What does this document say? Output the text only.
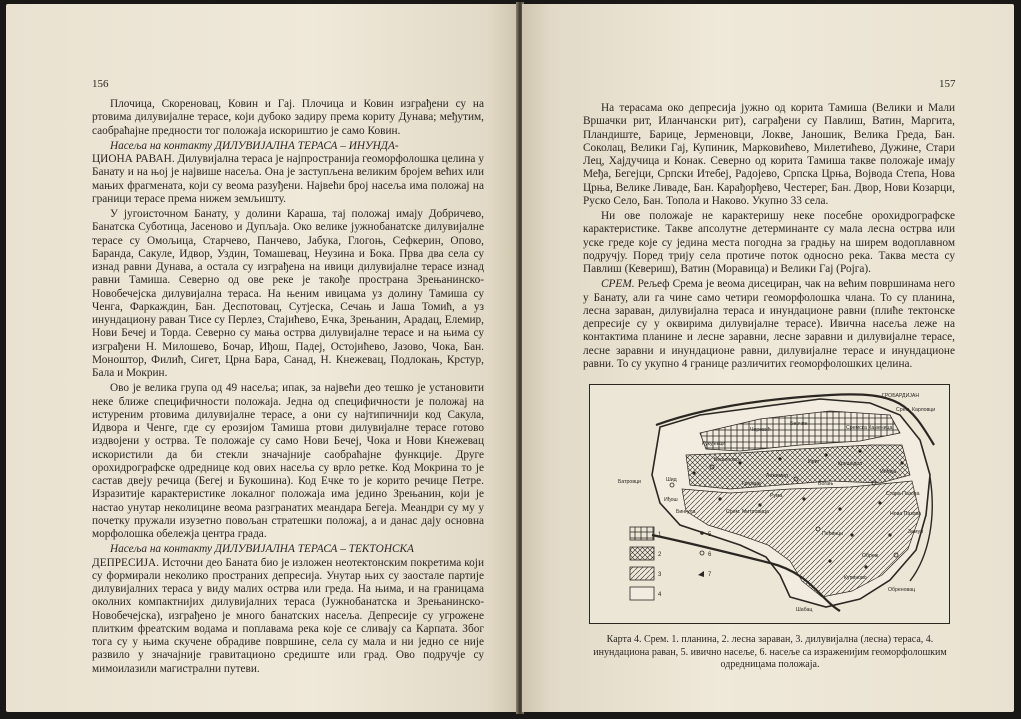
156

Плочица, Скореновац, Ковин и Гај. Плочица и Ковин изграђени су на ртовима дилувијалне терасе, који дубоко задиру према кориту Дунава; међутим, саобраћајне предности тог положаја искориштио је само Ковин.

Насеља на контакту ДИЛУВИЈАЛНА ТЕРАСА – ИНУНДА-

ЦИОНА РАВАН. Дилувијална тераса је најпространија геоморфолошка целина у Банату и на њој је највише насеља. Она је заступљена великим бројем већих или мањих фрагмената, који су веома разуђени. Највећи број насеља има положај на граници терасе према нижем земљишту.

У југоисточном Банату, у долини Караша, тај положај имају Добричево, Банатска Суботица, Јасеново и Дупљаја. Око велике јужнобанатске дилувијалне терасе су Омољица, Старчево, Панчево, Јабука, Глогоњ, Сефкерин, Опово, Баранда, Сакуле, Идвор, Уздин, Томашевац, Неузина и Бока. Прва два села су изнад равни Дунава, а остала су изграђена на ивици дилувијалне терасе изнад равни Тамиша. Северно од ове реке је такође пространа Зрењанинско-Новобечејска дилувијална тераса. На њеним ивицама уз долину Тамиша су Ченга, Фаркаждин, Бан. Деспотовац, Сутјеска, Сечањ и Јаша Томић, а уз инундациону раван Тисе су Перлез, Стајићево, Ечка, Зрењанин, Арадац, Елемир, Нови Бечеј и Торда. Северно су мања острва дилувијалне терасе и на њима су изграђени Н. Милошево, Бочар, Иђош, Падеј, Остојићево, Јазово, Чока, Бан. Моноштор, Филић, Сигет, Црна Бара, Санад, Н. Кнежевац, Подлокањ, Крстур, Бала и Мокрин.

Ово је велика група од 49 насеља; ипак, за највећи део тешко је установити неке ближе специфичности положаја. Једна од специфичности је положај на истуреним ртовима дилувијалне терасе, а они су најтипичнији код Сакула, Идвора и Ченге, где су ерозијом Тамиша ртови дилувијалне терасе готово издвојени у острва. Те положаје су само Нови Бечеј, Чока и Нови Кнежевац искористили да би стекли значајније саобраћајне функције. Друге орохидрографске одреднице код ових насеља су врло ретке. Код Мокрина то је састав двеју речица (Бегеј и Букошина). Код Ечке то је корито речице Петре. Изразитије карактеристике локалног положаја има једино Зрењанин, који је настао унутар неколицине веома разгранатих меандара Бегеја. Меандри су му у почетку пружали изузетно повољан стратешки положај, а и данас дају основна морфолошка обележја центра града.

Насеља на контакту ДИЛУВИЈАЛНА ТЕРАСА – ТЕКТОНСКА

ДЕПРЕСИЈА. Источни део Баната био је изложен неотектонским покретима који су формирали неколико пространих депресија. Унутар њих су заостале партије дилувијалних тераса у виду малих острва или греда. На њима, и на границама околних компактнијих дилувијалних тераса (Јужнобанатска и Зрењанинско-Новобечејска), изграђено је много банатских насеља. Депресије су угрожене плитким фреатским водама и поплавама река које се сливају са Карпата. Због тога су у њима скучене обрадиве површине, села су мала и ни једно се није развило у значајније гравитационо средиште или град. Ово подручје су мимоилазили магистрални путеви.

157

На терасама око депресија јужно од корита Тамиша (Велики и Мали Вршачки рит, Иланчански рит), саграђени су Павлиш, Ватин, Маргита, Пландиште, Барице, Јерменовци, Локве, Јаношик, Велика Греда, Бан. Соколац, Велики Гај, Купиник, Марковићево, Милетићево, Дужине, Стари Лец, Хајдучица и Конак. Северно од корита Тамиша такве положаје имају Међа, Бегејци, Српски Итебеј, Радојево, Српска Црња, Војвода Степа, Нова Црња, Велике Ливаде, Бан. Карађорђево, Честерег, Бан. Двор, Нови Козарци, Руско Село, Бан. Топола и Наково. Укупно 33 села.

Ни ове положаје не карактеришу неке посебне орохидрографске карактеристике. Такве апсолутне детерминанте су мала лесна острва или уске греде које су једина места погодна за градњу на ширем водоплавном подручју. Поред трију села протиче поток односно река. Таква места су Павлиш (Кевериш), Ватин (Моравица) и Велики Гај (Ројга).

СРЕМ. Рељеф Срема је веома дисециран, чак на већим површинама него у Банату, али га чине само четири геоморфолошка члана. То су планина, лесна заравaн, дилувијална тераса и инундационе равни (плиће тектонске депресије су у оквирима дилувијалне терасе). Ивична насеља леже на контактима планине и лесне заравни, лесне заравни и дилувијалне терасе, лесне заравни и инундационе равни, дилувијалне терасе и инундационе равни. То су укупно 4 границе различитих геоморфолошких целина.

ГРОБАРДИЈАН
Срем. Карловци
Бешеновo	Ириг
Рума
Срем. Митровица
Крушедол
Вогањ
Пећинци
Купиново
Обреж
Шид
Батровци
Иђош
Бингула
Кукујевци
Инђија
Стара Пазова
Земун
Обреновац
Шабац
Лежимир
Грговци
Сремска Каменица
Беочин
Черевић
Нова Пазова
1
2
3
4
5
6
7
Карта 4. Срем. 1. планина, 2. лесна заравaн, 3. дилувијална (лесна) тераса, 4. инундациона раван, 5. ивично насеље, 6. насеље са израженијим геоморфолошким одредницама положаја.
